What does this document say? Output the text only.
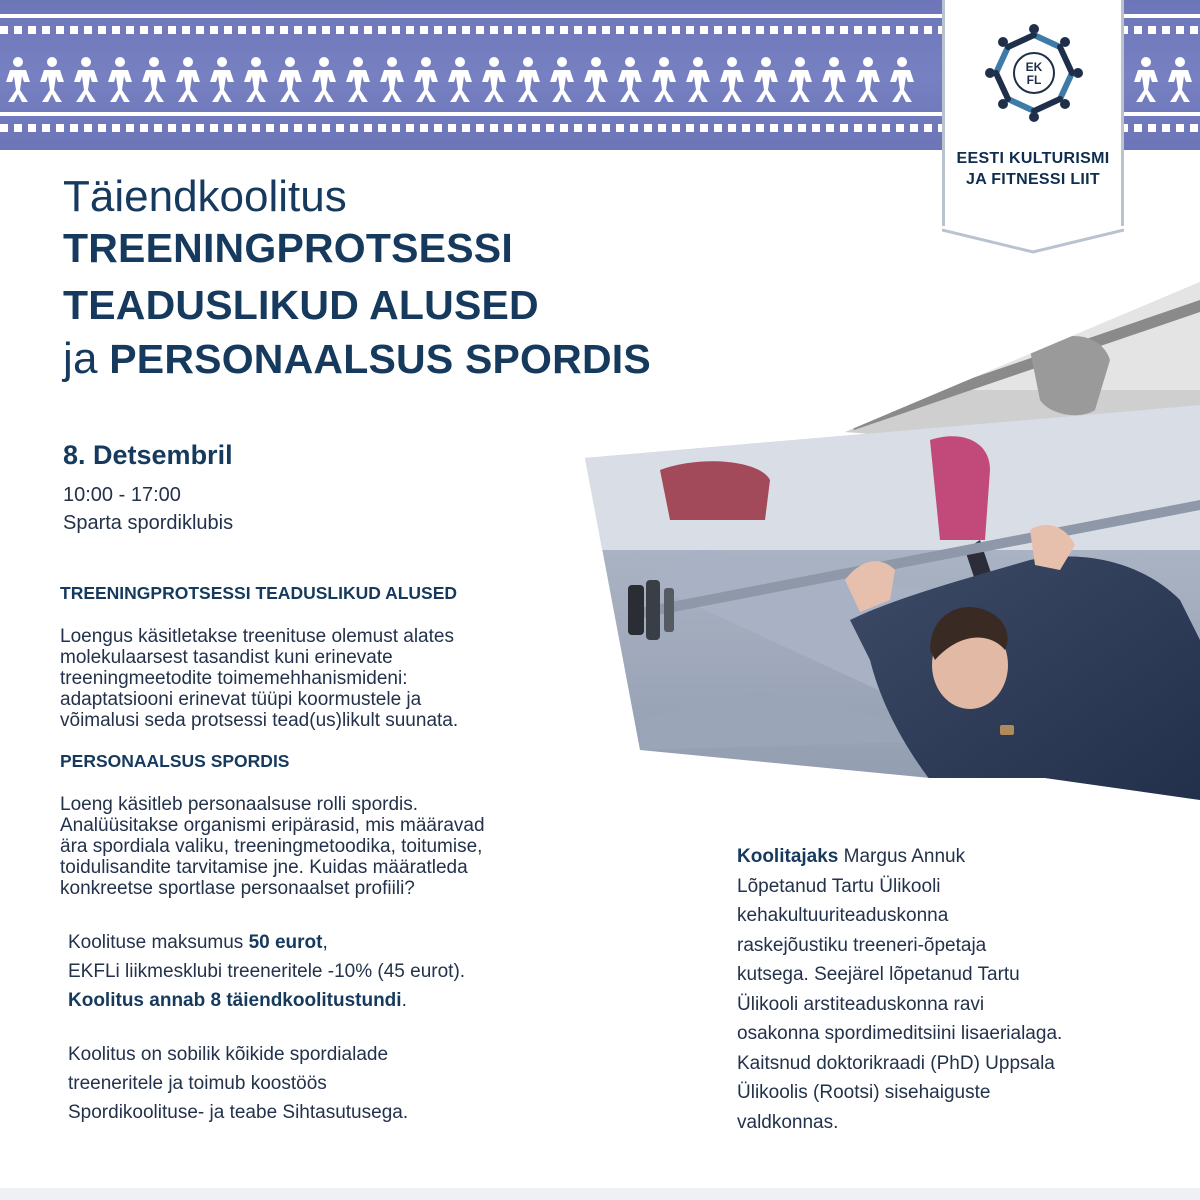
EK
FL
EESTI KULTURISMI
JA FITNESSI LIIT
Täiendkoolitus
TREENINGPROTSESSI
TEADUSLIKUD ALUSED
ja PERSONAALSUS SPORDIS
8. Detsembril
10:00 - 17:00
Sparta spordiklubis
TREENINGPROTSESSI TEADUSLIKUD ALUSED

Loengus käsitletakse treenituse olemust alates
molekulaarsest tasandist kuni erinevate
treeningmeetodite toimemehhanismideni:
adaptatsiooni erinevat tüüpi koormustele ja
võimalusi seda protsessi tead(us)likult suunata.

PERSONAALSUS SPORDIS

Loeng käsitleb personaalsuse rolli spordis.
Analüüsitakse organismi eripärasid, mis määravad
ära spordiala valiku, treeningmetoodika, toitumise,
toidulisandite tarvitamise jne. Kuidas määratleda
konkreetse sportlase personaalset profiili?

Koolituse maksumus 50 eurot,
EKFLi liikmesklubi treeneritele -10% (45 eurot).
Koolitus annab 8 täiendkoolitustundi.
Koolitus on sobilik kõikide spordialade
treeneritele ja toimub koostöös
Spordikoolituse- ja teabe Sihtasutusega.
Koolitajaks Margus Annuk
Lõpetanud Tartu Ülikooli
kehakultuuriteaduskonna
raskejõustiku treeneri-õpetaja
kutsega. Seejärel lõpetanud Tartu
Ülikooli arstiteaduskonna ravi
osakonna spordimeditsiini lisaerialaga.
Kaitsnud doktorikraadi (PhD) Uppsala
Ülikoolis (Rootsi) sisehaiguste
valdkonnas.
